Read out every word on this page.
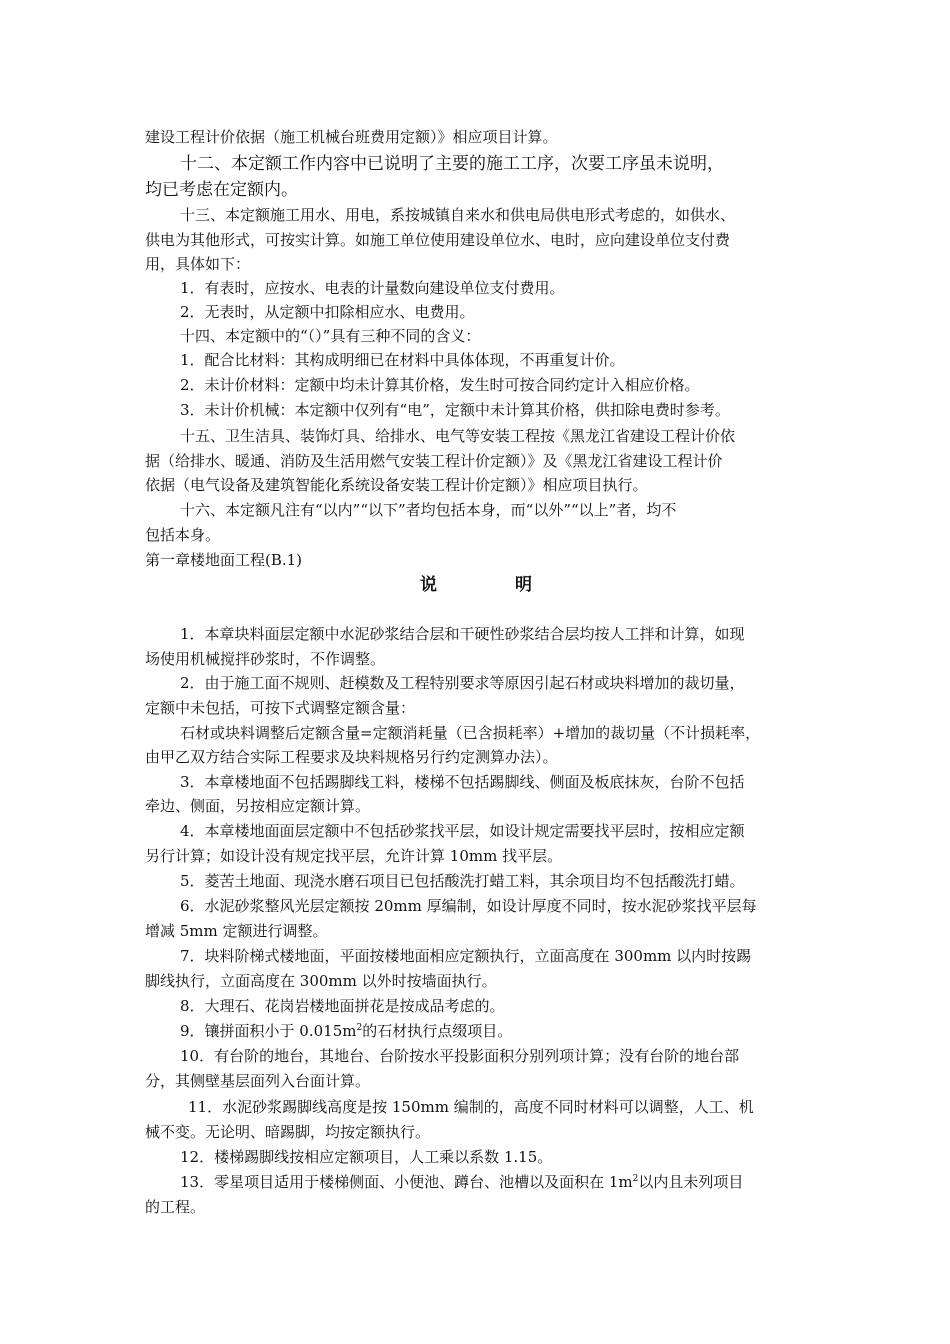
建设工程计价依据（施工机械台班费用定额）》相应项目计算。
十二、本定额工作内容中已说明了主要的施工工序，次要工序虽未说明，
均已考虑在定额内。
十三、本定额施工用水、用电，系按城镇自来水和供电局供电形式考虑的，如供水、
供电为其他形式，可按实计算。如施工单位使用建设单位水、电时，应向建设单位支付费
用，具体如下：
1．有表时，应按水、电表的计量数向建设单位支付费用。
2．无表时，从定额中扣除相应水、电费用。
十四、本定额中的“（）”具有三种不同的含义：
1．配合比材料：其构成明细已在材料中具体体现，不再重复计价。
2．未计价材料：定额中均未计算其价格，发生时可按合同约定计入相应价格。
3．未计价机械：本定额中仅列有“电”，定额中未计算其价格，供扣除电费时参考。
十五、卫生洁具、装饰灯具、给排水、电气等安装工程按《黑龙江省建设工程计价依
据（给排水、暖通、消防及生活用燃气安装工程计价定额）》及《黑龙江省建设工程计价
依据（电气设备及建筑智能化系统设备安装工程计价定额）》相应项目执行。
十六、本定额凡注有“以内”“以下”者均包括本身，而“以外”“以上”者，均不
包括本身。
第一章楼地面工程(B.1)
说	明
1．本章块料面层定额中水泥砂浆结合层和干硬性砂浆结合层均按人工拌和计算，如现
场使用机械搅拌砂浆时，不作调整。
2．由于施工面不规则、赶模数及工程特别要求等原因引起石材或块料增加的裁切量，
定额中未包括，可按下式调整定额含量：
石材或块料调整后定额含量=定额消耗量（已含损耗率）+增加的裁切量（不计损耗率，
由甲乙双方结合实际工程要求及块料规格另行约定测算办法）。
3．本章楼地面不包括踢脚线工料，楼梯不包括踢脚线、侧面及板底抹灰，台阶不包括
牵边、侧面，另按相应定额计算。
4．本章楼地面面层定额中不包括砂浆找平层，如设计规定需要找平层时，按相应定额
另行计算；如设计没有规定找平层，允许计算 10mm 找平层。
5．菱苦土地面、现浇水磨石项目已包括酸洗打蜡工料，其余项目均不包括酸洗打蜡。
6．水泥砂浆整风光层定额按 20mm 厚编制，如设计厚度不同时，按水泥砂浆找平层每
增减 5mm 定额进行调整。
7．块料阶梯式楼地面，平面按楼地面相应定额执行，立面高度在 300mm 以内时按踢
脚线执行，立面高度在 300mm 以外时按墙面执行。
8．大理石、花岗岩楼地面拼花是按成品考虑的。
9．镶拼面积小于 $0.015m^2$的石材执行点缀项目。
10．有台阶的地台，其地台、台阶按水平投影面积分别列项计算；没有台阶的地台部
分，其侧壁基层面列入台面计算。
11．水泥砂浆踢脚线高度是按 150mm 编制的，高度不同时材料可以调整，人工、机
械不变。无论明、暗踢脚，均按定额执行。
12．楼梯踢脚线按相应定额项目，人工乘以系数 1.15。
13．零星项目适用于楼梯侧面、小便池、蹲台、池槽以及面积在 $1m^2$以内且未列项目
的工程。
